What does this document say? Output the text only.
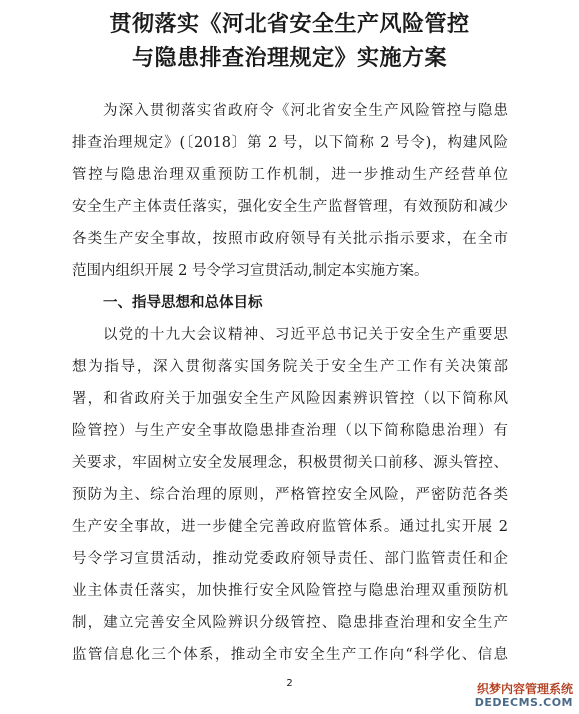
贯彻落实《河北省安全生产风险管控
与隐患排查治理规定》实施方案
为深入贯彻落实省政府令《河北省安全生产风险管控与隐患
排查治理规定》(〔2018〕第 2 号，以下简称 2 号令)，构建风险
管控与隐患治理双重预防工作机制，进一步推动生产经营单位
安全生产主体责任落实，强化安全生产监督管理，有效预防和减少
各类生产安全事故，按照市政府领导有关批示指示要求，在全市
范围内组织开展 2 号令学习宣贯活动,制定本实施方案。
一、指导思想和总体目标
以党的十九大会议精神、习近平总书记关于安全生产重要思
想为指导，深入贯彻落实国务院关于安全生产工作有关决策部
署，和省政府关于加强安全生产风险因素辨识管控（以下简称风
险管控）与生产安全事故隐患排查治理（以下简称隐患治理）有
关要求，牢固树立安全发展理念，积极贯彻关口前移、源头管控、
预防为主、综合治理的原则，严格管控安全风险，严密防范各类
生产安全事故，进一步健全完善政府监管体系。通过扎实开展 2
号令学习宣贯活动，推动党委政府领导责任、部门监管责任和企
业主体责任落实，加快推行安全风险管控与隐患治理双重预防机
制，建立完善安全风险辨识分级管控、隐患排查治理和安全生产
监管信息化三个体系，推动全市安全生产工作向“科学化、信息
2	织梦内容管理系统
DEDECMS.COM
